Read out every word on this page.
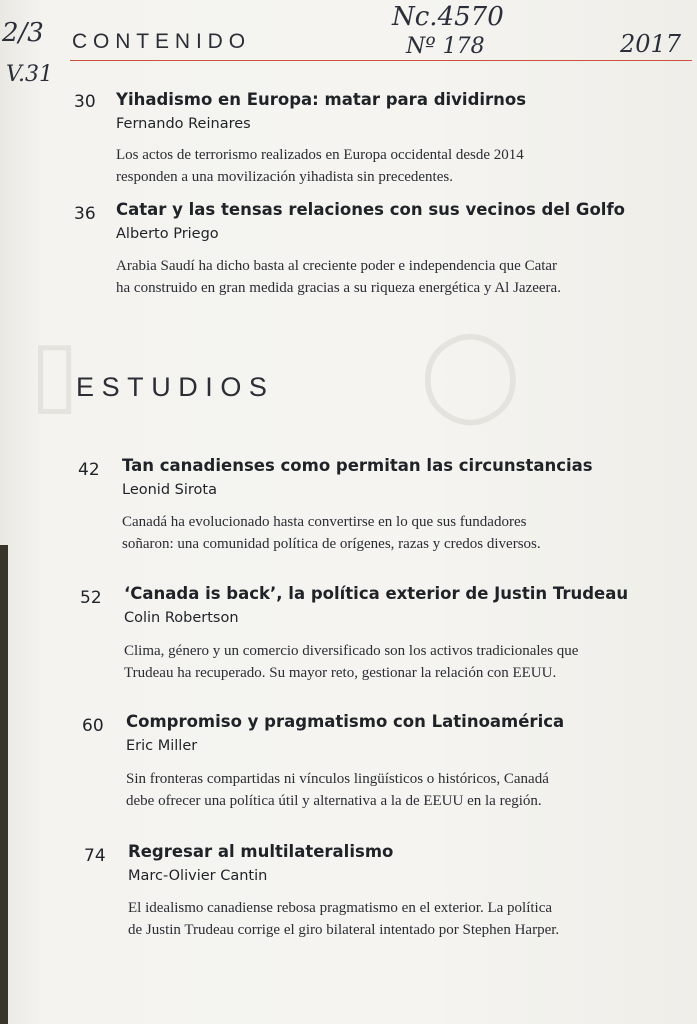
▯	◯
2/3
V.31
Nc.4570
Nº 178	2017
CONTENIDO
30 Yihadismo en Europa: matar para dividirnos
Fernando Reinares
Los actos de terrorismo realizados en Europa occidental desde 2014
responden a una movilización yihadista sin precedentes.
36 Catar y las tensas relaciones con sus vecinos del Golfo
Alberto Priego
Arabia Saudí ha dicho basta al creciente poder e independencia que Catar
ha construido en gran medida gracias a su riqueza energética y Al Jazeera.
ESTUDIOS
42 Tan canadienses como permitan las circunstancias
Leonid Sirota
Canadá ha evolucionado hasta convertirse en lo que sus fundadores
soñaron: una comunidad política de orígenes, razas y credos diversos.
52 ‘Canada is back’, la política exterior de Justin Trudeau
Colin Robertson
Clima, género y un comercio diversificado son los activos tradicionales que
Trudeau ha recuperado. Su mayor reto, gestionar la relación con EEUU.
60 Compromiso y pragmatismo con Latinoamérica
Eric Miller
Sin fronteras compartidas ni vínculos lingüísticos o históricos, Canadá
debe ofrecer una política útil y alternativa a la de EEUU en la región.
74 Regresar al multilateralismo
Marc-Olivier Cantin
El idealismo canadiense rebosa pragmatismo en el exterior. La política
de Justin Trudeau corrige el giro bilateral intentado por Stephen Harper.
